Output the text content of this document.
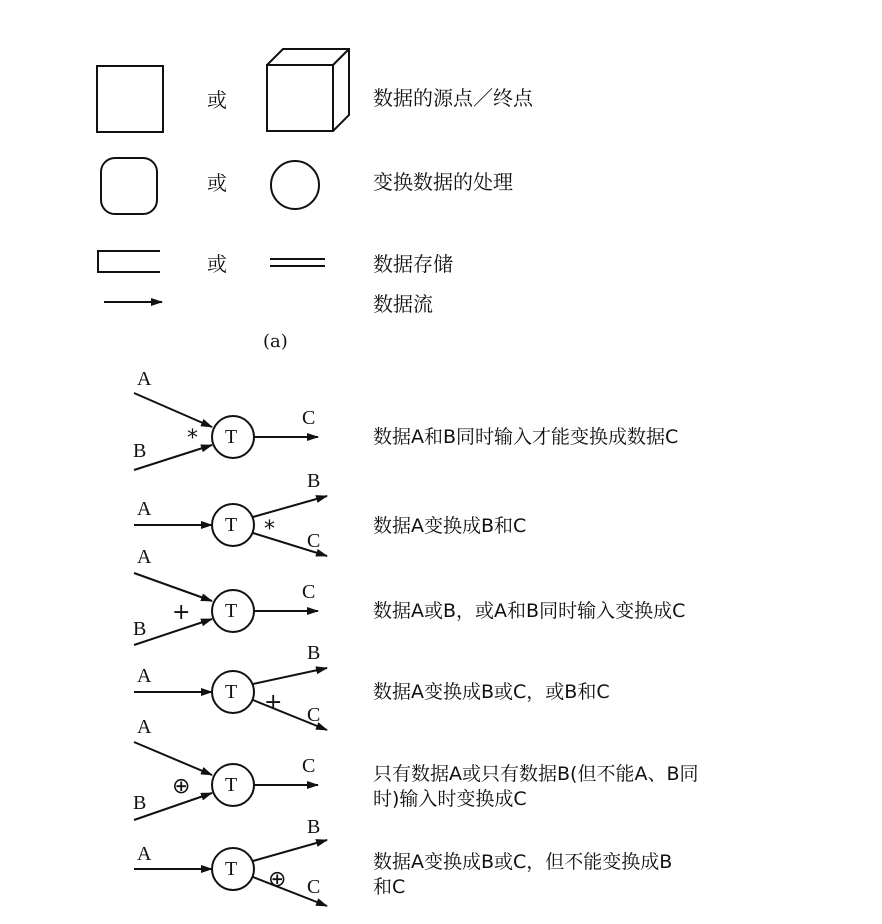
或
或
或
数据的源点／终点
变换数据的处理
数据存储
数据流
(a)
A
B * T
C
数据A和B同时输入才能变换成数据C
A
*
T
B
C
数据A变换成B和C
A
B
+ T
C
数据A或B，或A和B同时输入变换成C
A
+
T
B
C
数据A变换成B或C，或B和C
A
B
⊕ T
C	只有数据A或只有数据B(但不能A、B同
时)输入时变换成C
A
⊕
T
B
C
数据A变换成B或C，但不能变换成B
和C
